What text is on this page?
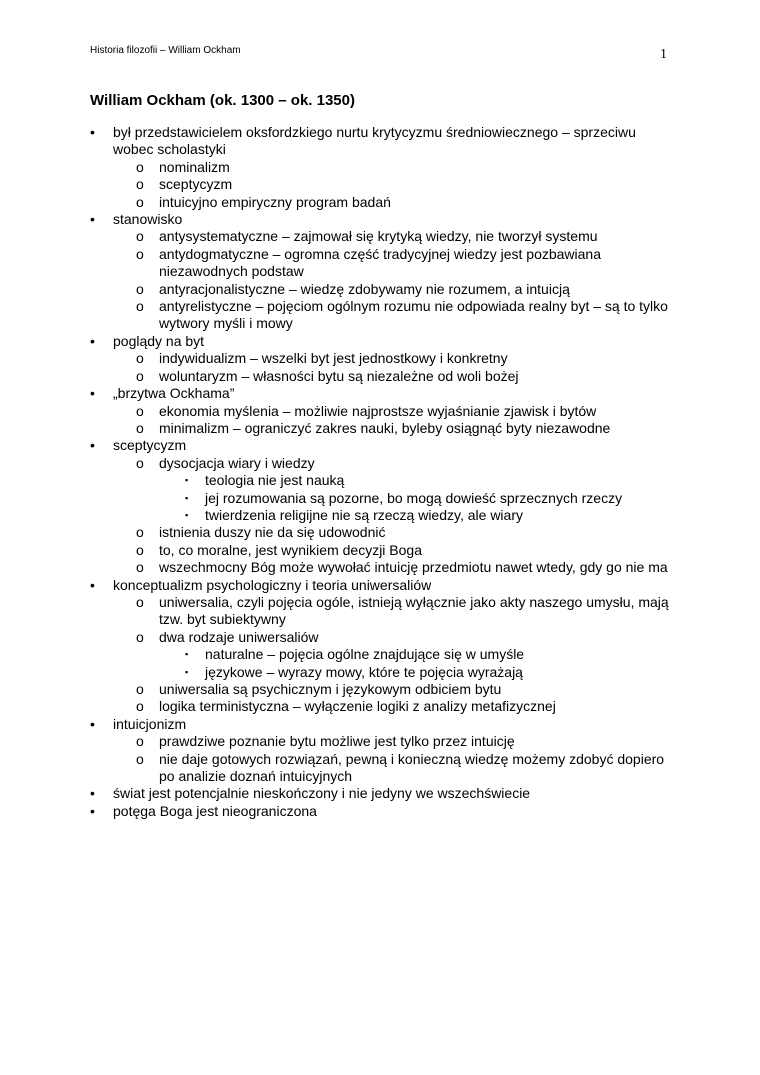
Historia filozofii – William Ockham	1
William Ockham (ok. 1300 – ok. 1350)
• był przedstawicielem oksfordzkiego nurtu krytycyzmu średniowiecznego – sprzeciwu wobec scholastyki
o nominalizm
o sceptycyzm
o intuicyjno empiryczny program badań
• stanowisko
o antysystematyczne – zajmował się krytyką wiedzy, nie tworzył systemu
o antydogmatyczne – ogromna część tradycyjnej wiedzy jest pozbawiana niezawodnych podstaw
o antyracjonalistyczne – wiedzę zdobywamy nie rozumem, a intuicją
o antyrelistyczne – pojęciom ogólnym rozumu nie odpowiada realny byt – są to tylko wytwory myśli i mowy
• poglądy na byt
o indywidualizm – wszelki byt jest jednostkowy i konkretny
o woluntaryzm – własności bytu są niezależne od woli bożej
• „brzytwa Ockhama”
o ekonomia myślenia – możliwie najprostsze wyjaśnianie zjawisk i bytów
o minimalizm – ograniczyć zakres nauki, byleby osiągnąć byty niezawodne
• sceptycyzm
o dysocjacja wiary i wiedzy
▪ teologia nie jest nauką
▪ jej rozumowania są pozorne, bo mogą dowieść sprzecznych rzeczy
▪ twierdzenia religijne nie są rzeczą wiedzy, ale wiary
o istnienia duszy nie da się udowodnić
o to, co moralne, jest wynikiem decyzji Boga
o wszechmocny Bóg może wywołać intuicję przedmiotu nawet wtedy, gdy go nie ma
• konceptualizm psychologiczny i teoria uniwersaliów
o uniwersalia, czyli pojęcia ogóle, istnieją wyłącznie jako akty naszego umysłu, mają tzw. byt subiektywny
o dwa rodzaje uniwersaliów
▪ naturalne – pojęcia ogólne znajdujące się w umyśle
▪ językowe – wyrazy mowy, które te pojęcia wyrażają
o uniwersalia są psychicznym i językowym odbiciem bytu
o logika terministyczna – wyłączenie logiki z analizy metafizycznej
• intuicjonizm
o prawdziwe poznanie bytu możliwe jest tylko przez intuicję
o nie daje gotowych rozwiązań, pewną i konieczną wiedzę możemy zdobyć dopiero po analizie doznań intuicyjnych
• świat jest potencjalnie nieskończony i nie jedyny we wszechświecie
• potęga Boga jest nieograniczona
